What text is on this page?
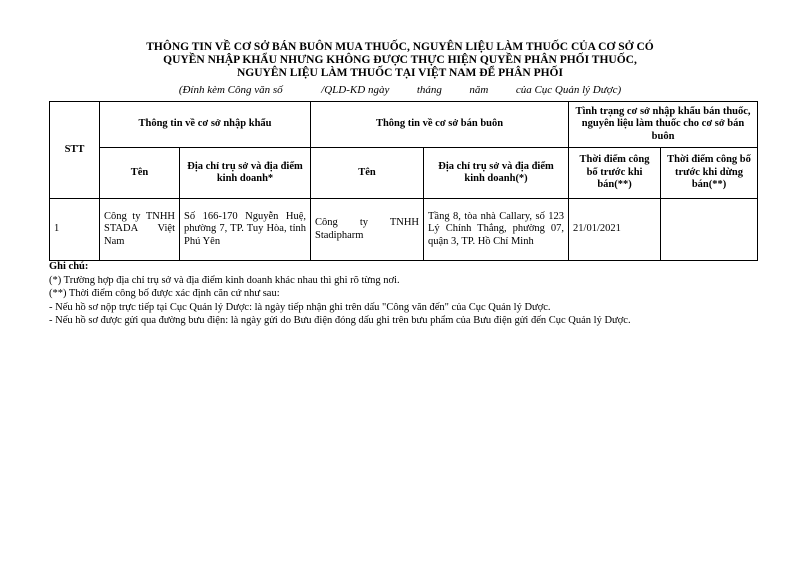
THÔNG TIN VỀ CƠ SỞ BÁN BUÔN MUA THUỐC, NGUYÊN LIỆU LÀM THUỐC CỦA CƠ SỞ CÓ
QUYỀN NHẬP KHẨU NHƯNG KHÔNG ĐƯỢC THỰC HIỆN QUYỀN PHÂN PHỐI THUỐC,
NGUYÊN LIỆU LÀM THUỐC TẠI VIỆT NAM ĐỂ PHÂN PHỐI
(Đính kèm Công văn số              /QLD-KD ngày          tháng          năm          của Cục Quản lý Dược)
STT	Thông tin về cơ sở nhập khẩu		Thông tin về cơ sở bán buôn		Tình trạng cơ sở nhập khẩu bán thuốc, nguyên liệu làm thuốc cho cơ sở bán buôn	
	Tên	Địa chỉ trụ sở và địa điểm kinh doanh*	Tên	Địa chỉ trụ sở và địa điểm kinh doanh(*)	Thời điểm công bố trước khi bán(**)	Thời điểm công bố trước khi dừng bán(**)
1	Công ty TNHH STADA Việt Nam	Số 166-170 Nguyễn Huệ, phường 7, TP. Tuy Hòa, tỉnh Phú Yên	Công ty TNHH Stadipharm	Tầng 8, tòa nhà Callary, số 123 Lý Chính Thắng, phường 07, quận 3, TP. Hồ Chí Minh	21/01/2021	
Ghi chú:
(*) Trường hợp địa chỉ trụ sở và địa điểm kinh doanh khác nhau thì ghi rõ từng nơi.
(**) Thời điểm công bố được xác định căn cứ như sau:
- Nếu hồ sơ nộp trực tiếp tại Cục Quản lý Dược: là ngày tiếp nhận ghi trên dấu "Công văn đến" của Cục Quản lý Dược.
- Nếu hồ sơ được gửi qua đường bưu điện: là ngày gửi do Bưu điện đóng dấu ghi trên bưu phẩm của Bưu điện gửi đến Cục Quản lý Dược.
